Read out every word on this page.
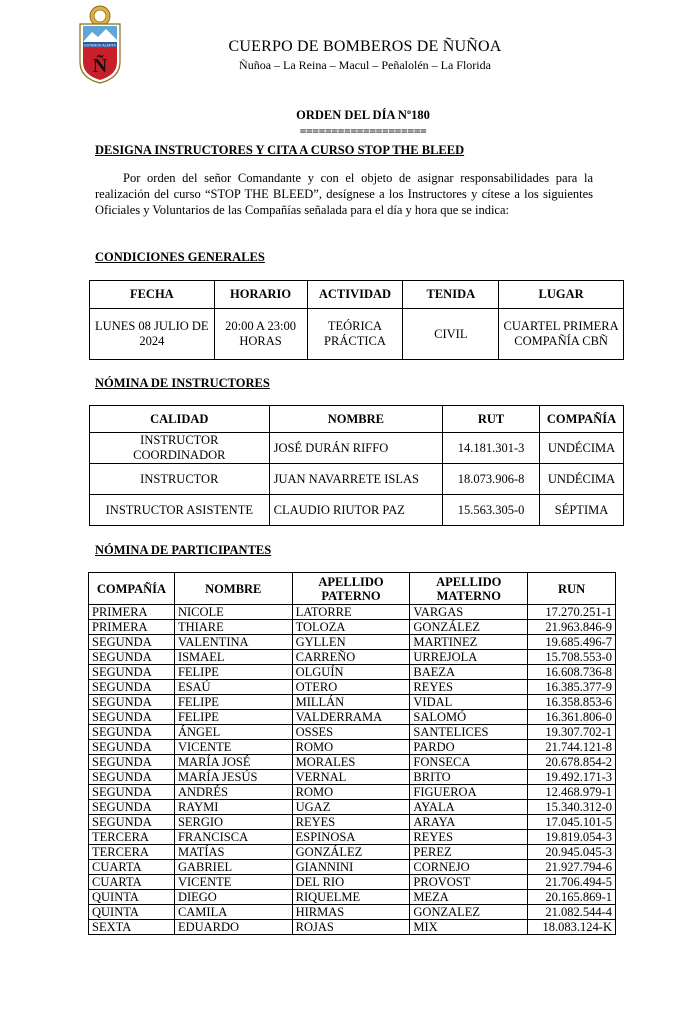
ESTAMOS ALERTA
Ñ
CUERPO DE BOMBEROS DE ÑUÑOA
Ñuñoa – La Reina – Macul – Peñalolén – La Florida
ORDEN DEL DÍA Nº180
====================
DESIGNA INSTRUCTORES Y CITA A CURSO STOP THE BLEED
Por orden del señor Comandante y con el objeto de asignar responsabilidades para la realización del curso “STOP THE BLEED”, desígnese a los Instructores y cítese a los siguientes Oficiales y Voluntarios de las Compañías señalada para el día y hora que se indica:
CONDICIONES GENERALES
FECHA	HORARIO	ACTIVIDAD	TENIDA	LUGAR
LUNES 08 JULIO DE 2024	20:00 A 23:00 HORAS	TEÓRICA PRÁCTICA	CIVIL	CUARTEL PRIMERA COMPAÑÍA CBÑ
NÓMINA DE INSTRUCTORES
CALIDAD	NOMBRE	RUT	COMPAÑÍA
INSTRUCTOR COORDINADOR	JOSÉ DURÁN RIFFO	14.181.301-3	UNDÉCIMA
INSTRUCTOR	JUAN NAVARRETE ISLAS	18.073.906-8	UNDÉCIMA
INSTRUCTOR ASISTENTE	CLAUDIO RIUTOR PAZ	15.563.305-0	SÉPTIMA
NÓMINA DE PARTICIPANTES
COMPAÑÍA	NOMBRE	APELLIDO PATERNO	APELLIDO MATERNO	RUN
PRIMERA	NICOLE	LATORRE	VARGAS	17.270.251-1
PRIMERA	THIARE	TOLOZA	GONZÁLEZ	21.963.846-9
SEGUNDA	VALENTINA	GYLLEN	MARTINEZ	19.685.496-7
SEGUNDA	ISMAEL	CARREÑO	URREJOLA	15.708.553-0
SEGUNDA	FELIPE	OLGUÍN	BAEZA	16.608.736-8
SEGUNDA	ESAÚ	OTERO	REYES	16.385.377-9
SEGUNDA	FELIPE	MILLÁN	VIDAL	16.358.853-6
SEGUNDA	FELIPE	VALDERRAMA	SALOMÓ	16.361.806-0
SEGUNDA	ÁNGEL	OSSES	SANTELICES	19.307.702-1
SEGUNDA	VICENTE	ROMO	PARDO	21.744.121-8
SEGUNDA	MARÍA JOSÉ	MORALES	FONSECA	20.678.854-2
SEGUNDA	MARÍA JESÚS	VERNAL	BRITO	19.492.171-3
SEGUNDA	ANDRÉS	ROMO	FIGUEROA	12.468.979-1
SEGUNDA	RAYMI	UGAZ	AYALA	15.340.312-0
SEGUNDA	SERGIO	REYES	ARAYA	17.045.101-5
TERCERA	FRANCISCA	ESPINOSA	REYES	19.819.054-3
TERCERA	MATÍAS	GONZÁLEZ	PEREZ	20.945.045-3
CUARTA	GABRIEL	GIANNINI	CORNEJO	21.927.794-6
CUARTA	VICENTE	DEL RIO	PROVOST	21.706.494-5
QUINTA	DIEGO	RIQUELME	MEZA	20.165.869-1
QUINTA	CAMILA	HIRMAS	GONZALEZ	21.082.544-4
SEXTA	EDUARDO	ROJAS	MIX	18.083.124-K
